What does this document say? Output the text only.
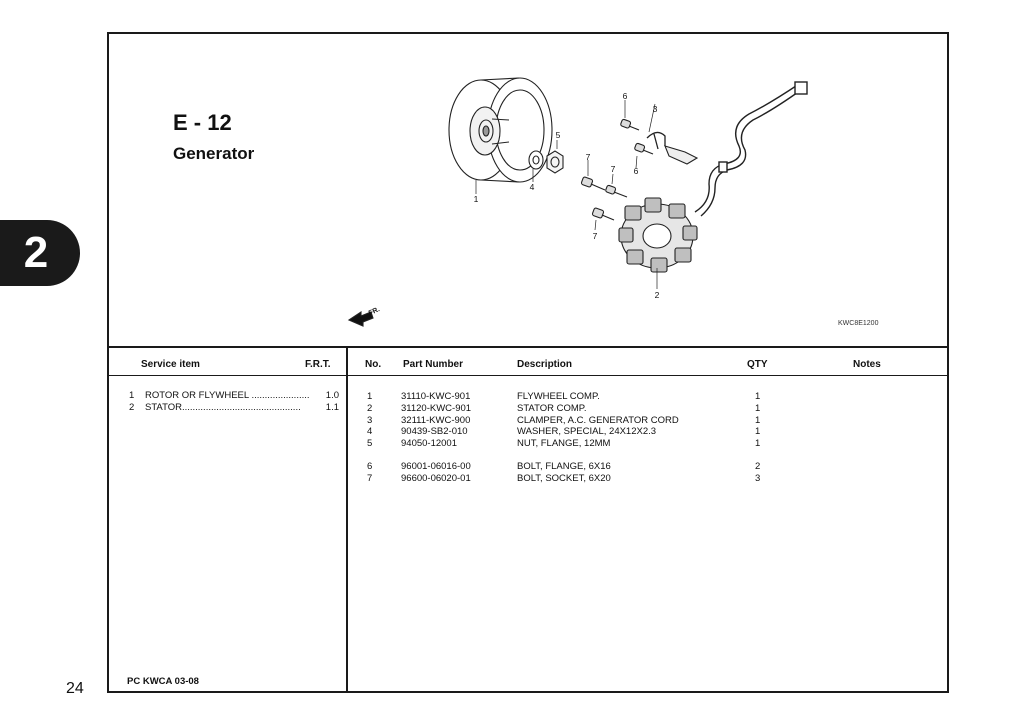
2
24
E - 12
Generator
1
2
3
4
5
6
6
7
7
7
FR.
KWC8E1200
Service item	F.R.T.
1	ROTOR OR FLYWHEEL ......................	1.0
2	STATOR.............................................	1.1
No. Part Number	Description	QTY	Notes
1	31110-KWC-901	FLYWHEEL COMP.	1
2	31120-KWC-901	STATOR COMP.	1
3	32111-KWC-900	CLAMPER, A.C. GENERATOR CORD	1
4	90439-SB2-010	WASHER, SPECIAL, 24X12X2.3	1
5	94050-12001	NUT, FLANGE, 12MM	1
6	96001-06016-00	BOLT, FLANGE, 6X16	2
7	96600-06020-01	BOLT, SOCKET, 6X20	3
PC KWCA 03-08
